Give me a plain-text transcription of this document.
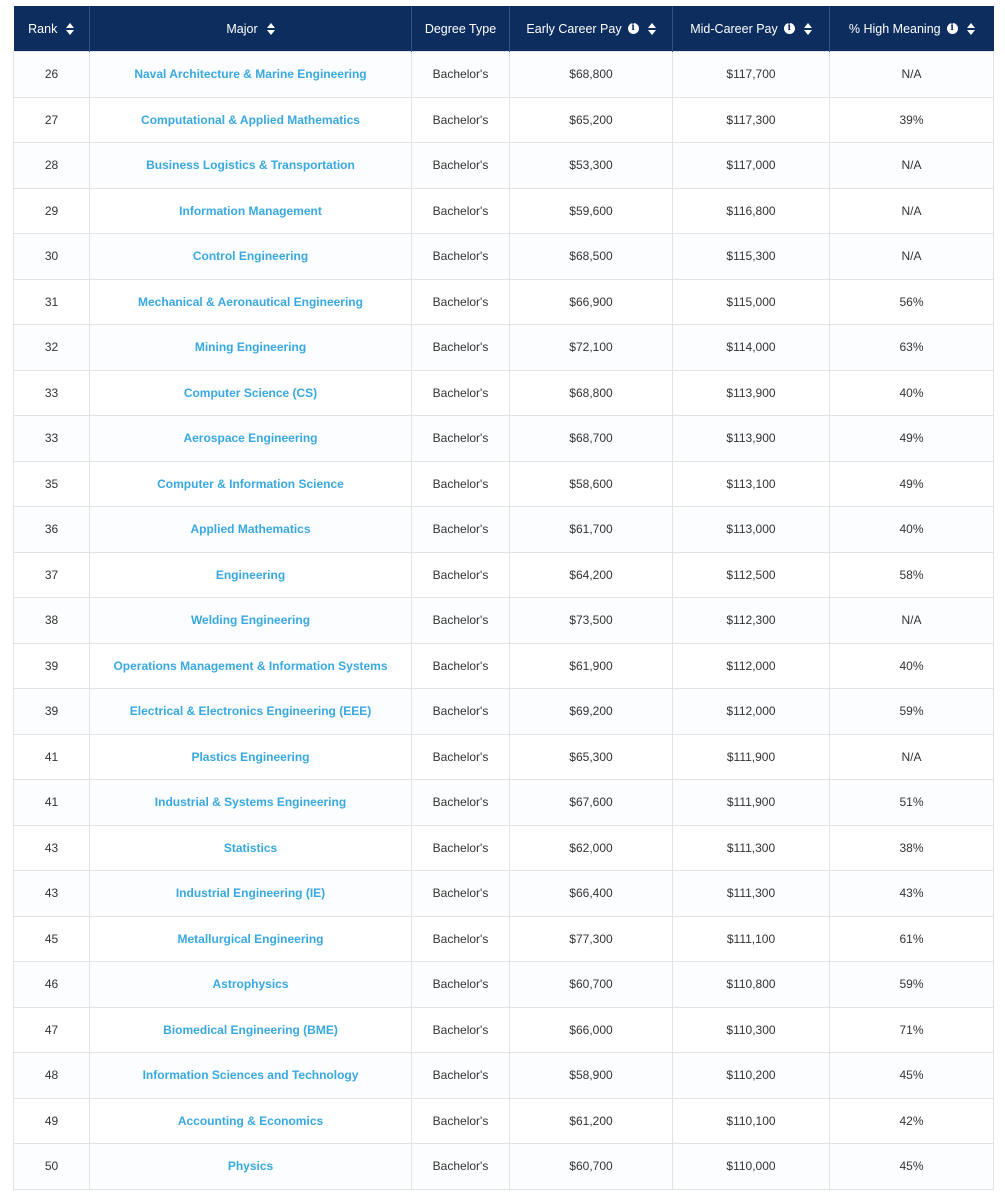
Rank	Major	Degree Type	Early Career Pay i	Mid-Career Pay i	% High Meaning i

26	Naval Architecture & Marine Engineering	Bachelor's	$68,800	$117,700	N/A
27	Computational & Applied Mathematics	Bachelor's	$65,200	$117,300	39%
28	Business Logistics & Transportation	Bachelor's	$53,300	$117,000	N/A
29	Information Management	Bachelor's	$59,600	$116,800	N/A
30	Control Engineering	Bachelor's	$68,500	$115,300	N/A
31	Mechanical & Aeronautical Engineering	Bachelor's	$66,900	$115,000	56%
32	Mining Engineering	Bachelor's	$72,100	$114,000	63%
33	Computer Science (CS)	Bachelor's	$68,800	$113,900	40%
33	Aerospace Engineering	Bachelor's	$68,700	$113,900	49%
35	Computer & Information Science	Bachelor's	$58,600	$113,100	49%
36	Applied Mathematics	Bachelor's	$61,700	$113,000	40%
37	Engineering	Bachelor's	$64,200	$112,500	58%
38	Welding Engineering	Bachelor's	$73,500	$112,300	N/A
39	Operations Management & Information Systems	Bachelor's	$61,900	$112,000	40%
39	Electrical & Electronics Engineering (EEE)	Bachelor's	$69,200	$112,000	59%
41	Plastics Engineering	Bachelor's	$65,300	$111,900	N/A
41	Industrial & Systems Engineering	Bachelor's	$67,600	$111,900	51%
43	Statistics	Bachelor's	$62,000	$111,300	38%
43	Industrial Engineering (IE)	Bachelor's	$66,400	$111,300	43%
45	Metallurgical Engineering	Bachelor's	$77,300	$111,100	61%
46	Astrophysics	Bachelor's	$60,700	$110,800	59%
47	Biomedical Engineering (BME)	Bachelor's	$66,000	$110,300	71%
48	Information Sciences and Technology	Bachelor's	$58,900	$110,200	45%
49	Accounting & Economics	Bachelor's	$61,200	$110,100	42%
50	Physics	Bachelor's	$60,700	$110,000	45%
